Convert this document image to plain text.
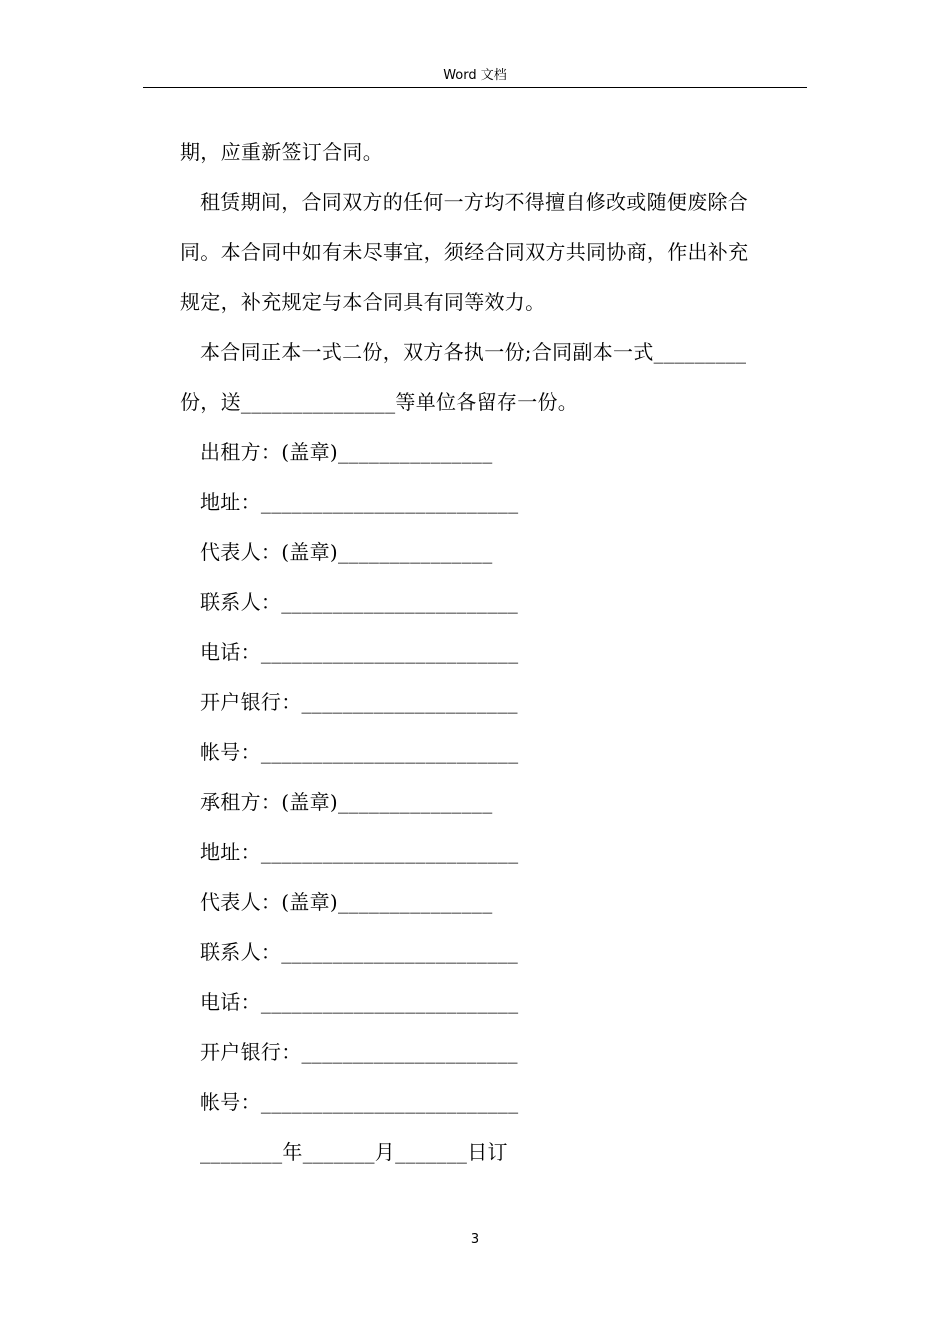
Word 文档
期，应重新签订合同。
租赁期间，合同双方的任何一方均不得擅自修改或随便废除合
同。本合同中如有未尽事宜，须经合同双方共同协商，作出补充
规定，补充规定与本合同具有同等效力。
本合同正本一式二份，双方各执一份;合同副本一式_________
份，送_______________等单位各留存一份。
出租方：(盖章)_______________
地址：_________________________
代表人：(盖章)_______________
联系人：_______________________
电话：_________________________
开户银行：_____________________
帐号：_________________________
承租方：(盖章)_______________
地址：_________________________
代表人：(盖章)_______________
联系人：_______________________
电话：_________________________
开户银行：_____________________
帐号：_________________________
________年_______月_______日订
3
